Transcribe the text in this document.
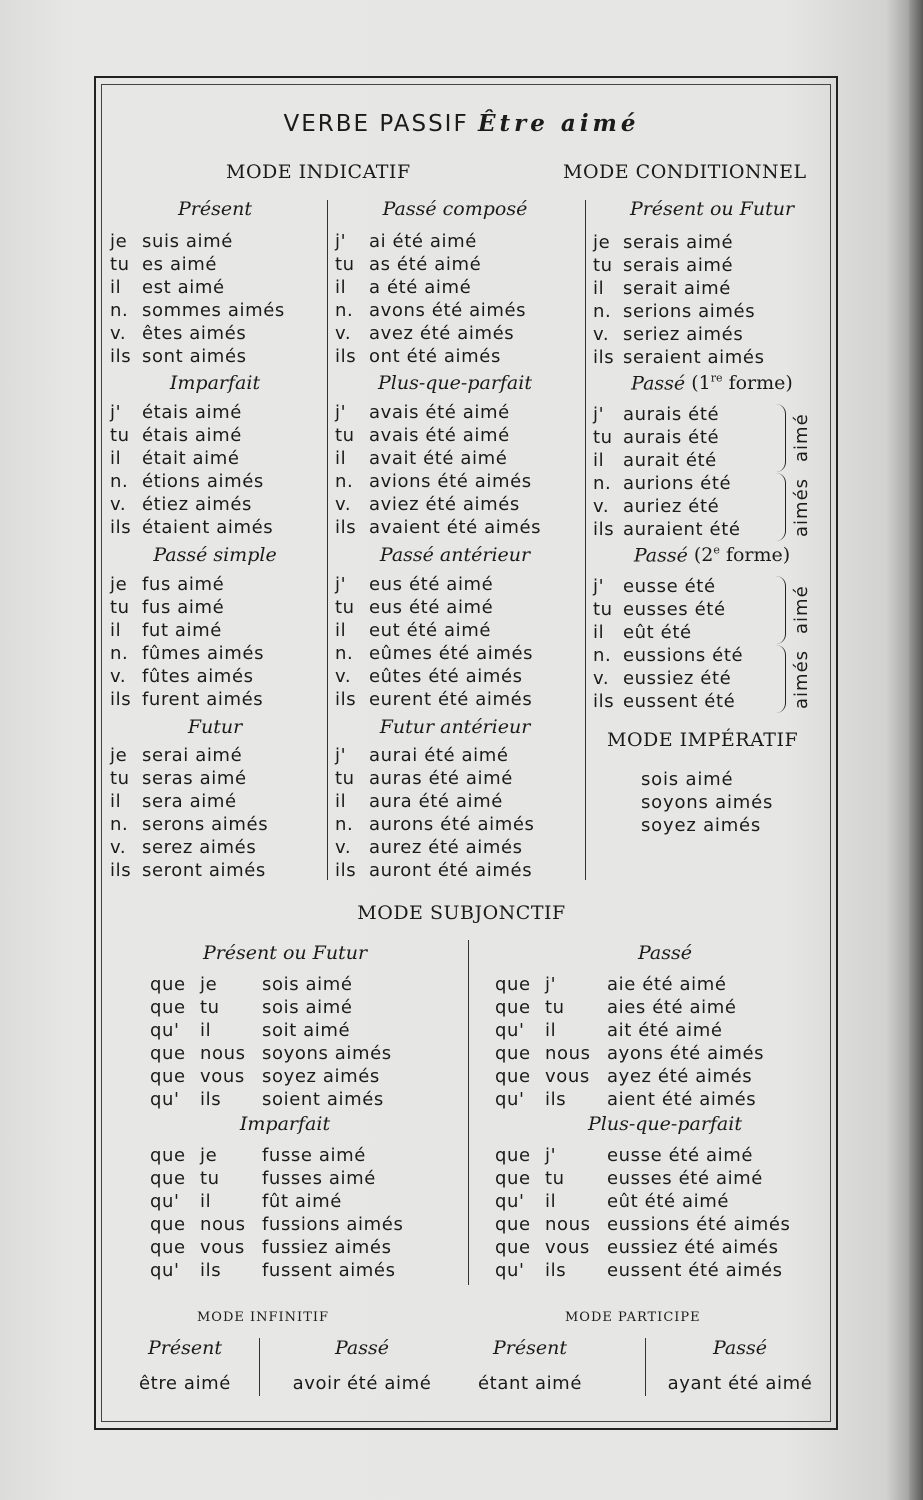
VERBE PASSIF Être aimé
MODE INDICATIF	MODE CONDITIONNEL
Présent
je suis aimé
tu es aimé
il est aimé
n. sommes aimés
v. êtes aimés
ils sont aimés
Imparfait
j' étais aimé
tu étais aimé
il était aimé
n. étions aimés
v. étiez aimés
ils étaient aimés
Passé simple
je fus aimé
tu fus aimé
il fut aimé
n. fûmes aimés
v. fûtes aimés
ils furent aimés
Futur
je serai aimé
tu seras aimé
il sera aimé
n. serons aimés
v. serez aimés
ils seront aimés
Passé composé
j' ai été aimé
tu as été aimé
il a été aimé
n. avons été aimés
v. avez été aimés
ils ont été aimés
Plus-que-parfait
j' avais été aimé
tu avais été aimé
il avait été aimé
n. avions été aimés
v. aviez été aimés
ils avaient été aimés
Passé antérieur
j' eus été aimé
tu eus été aimé
il eut été aimé
n. eûmes été aimés
v. eûtes été aimés
ils eurent été aimés
Futur antérieur
j' aurai été aimé
tu auras été aimé
il aura été aimé
n. aurons été aimés
v. aurez été aimés
ils auront été aimés
Présent ou Futur
je serais aimé
tu serais aimé
il serait aimé
n. serions aimés
v. seriez aimés
ils seraient aimés
Passé (1re forme)
j' aurais été
tu aurais été
il aurait été
n. aurions été
v. auriez été
ils auraient été
aimé
aimés
Passé (2e forme)
j' eusse été
tu eusses été
il eût été
n. eussions été
v. eussiez été
ils eussent été
aimé
aimés
MODE IMPÉRATIF
sois aimé
soyons aimés
soyez aimés
MODE SUBJONCTIF
Présent ou Futur
que je sois aimé
que tu sois aimé
qu' il	soit aimé
que nous soyons aimés
que vous soyez aimés
qu' ils soient aimés
Imparfait
que je fusse aimé
que tu fusses aimé
qu' il	fût aimé
que nous fussions aimés
que vous fussiez aimés
qu' ils fussent aimés
Passé
que j'	aie été aimé
que tu aies été aimé
qu' il	ait été aimé
que nous ayons été aimés
que vous ayez été aimés
qu' ils aient été aimés
Plus-que-parfait
que j'	eusse été aimé
que tu eusses été aimé
qu' il	eût été aimé
que nous eussions été aimés
que vous eussiez été aimés
qu' ils eussent été aimés
MODE INFINITIF	MODE PARTICIPE
Présent
être aimé
Passé
avoir été aimé
Présent
étant aimé
Passé
ayant été aimé
